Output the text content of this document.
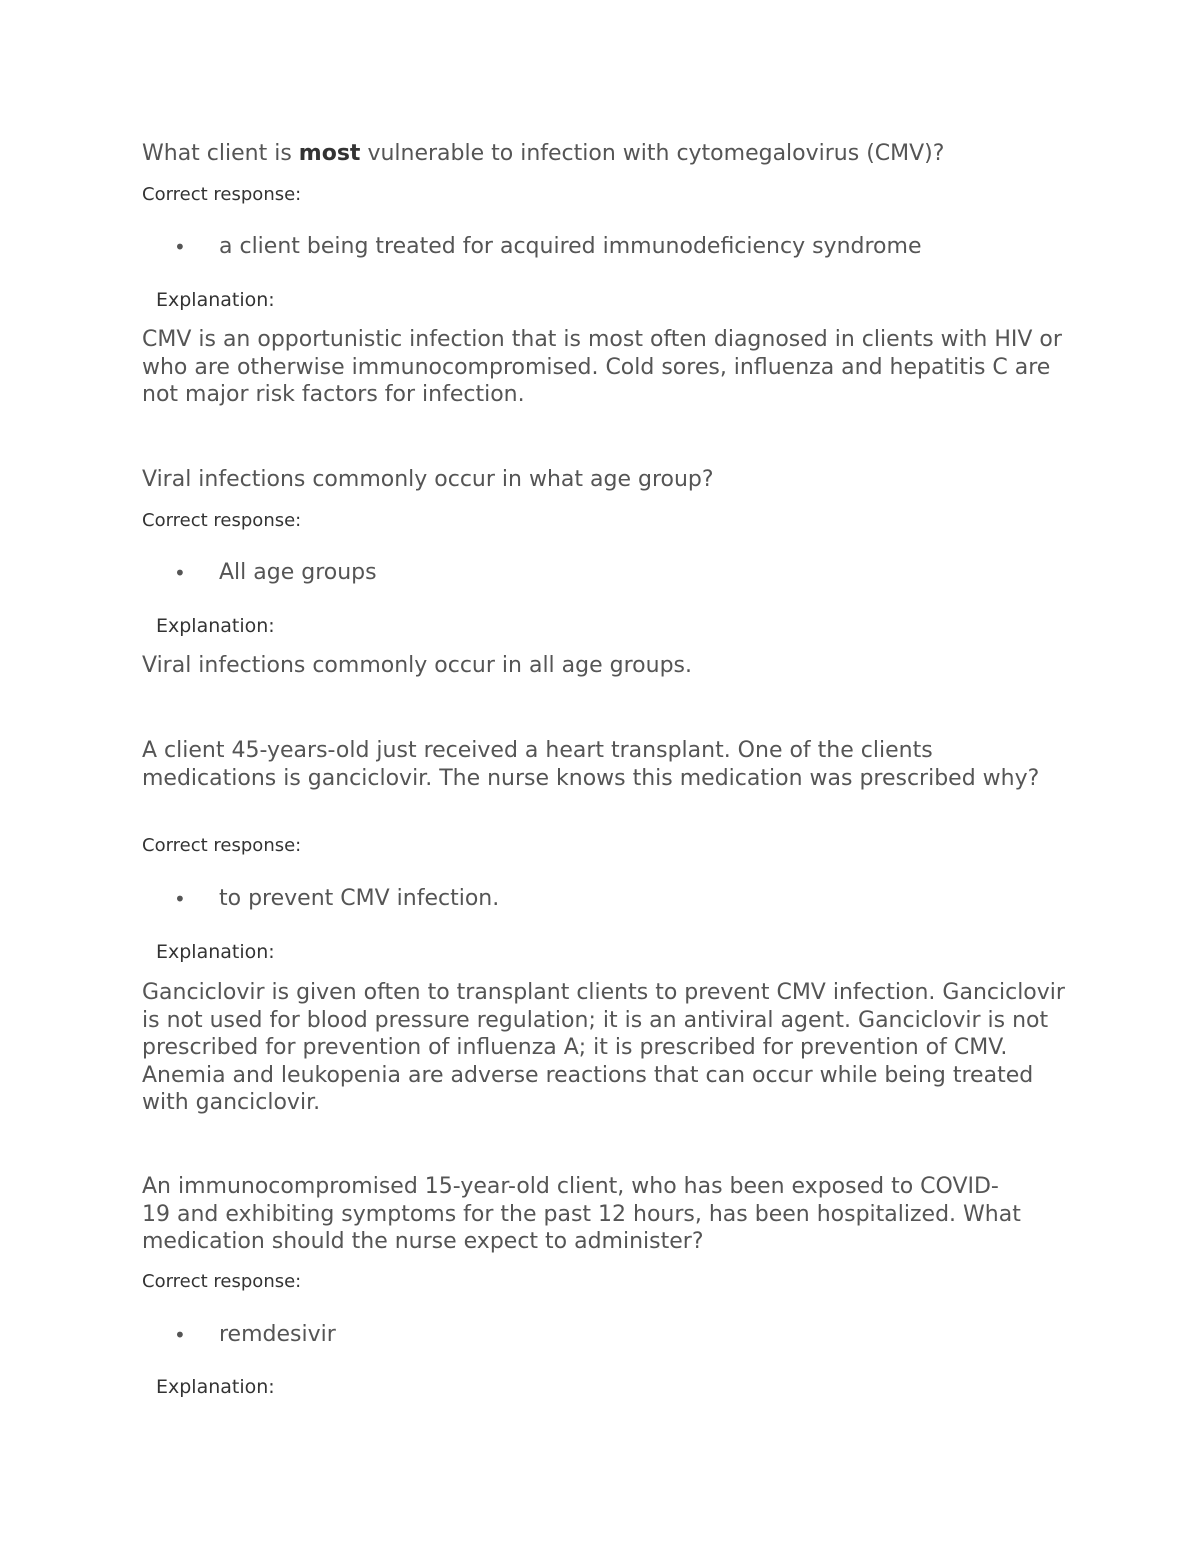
What client is most vulnerable to infection with cytomegalovirus (CMV)?

Correct response:

• a client being treated for acquired immunodeficiency syndrome
Explanation:

CMV is an opportunistic infection that is most often diagnosed in clients with HIV or who are otherwise immunocompromised. Cold sores, influenza and hepatitis C are not major risk factors for infection.

Viral infections commonly occur in what age group?

Correct response:

• All age groups
Explanation:

Viral infections commonly occur in all age groups.

A client 45-years-old just received a heart transplant. One of the clients medications is ganciclovir. The nurse knows this medication was prescribed why?

Correct response:

• to prevent CMV infection.
Explanation:

Ganciclovir is given often to transplant clients to prevent CMV infection. Ganciclovir is not used for blood pressure regulation; it is an antiviral agent. Ganciclovir is not prescribed for prevention of influenza A; it is prescribed for prevention of CMV. Anemia and leukopenia are adverse reactions that can occur while being treated with ganciclovir.

An immunocompromised 15-year-old client, who has been exposed to COVID-19 and exhibiting symptoms for the past 12 hours, has been hospitalized. What medication should the nurse expect to administer?

Correct response:

• remdesivir
Explanation:
